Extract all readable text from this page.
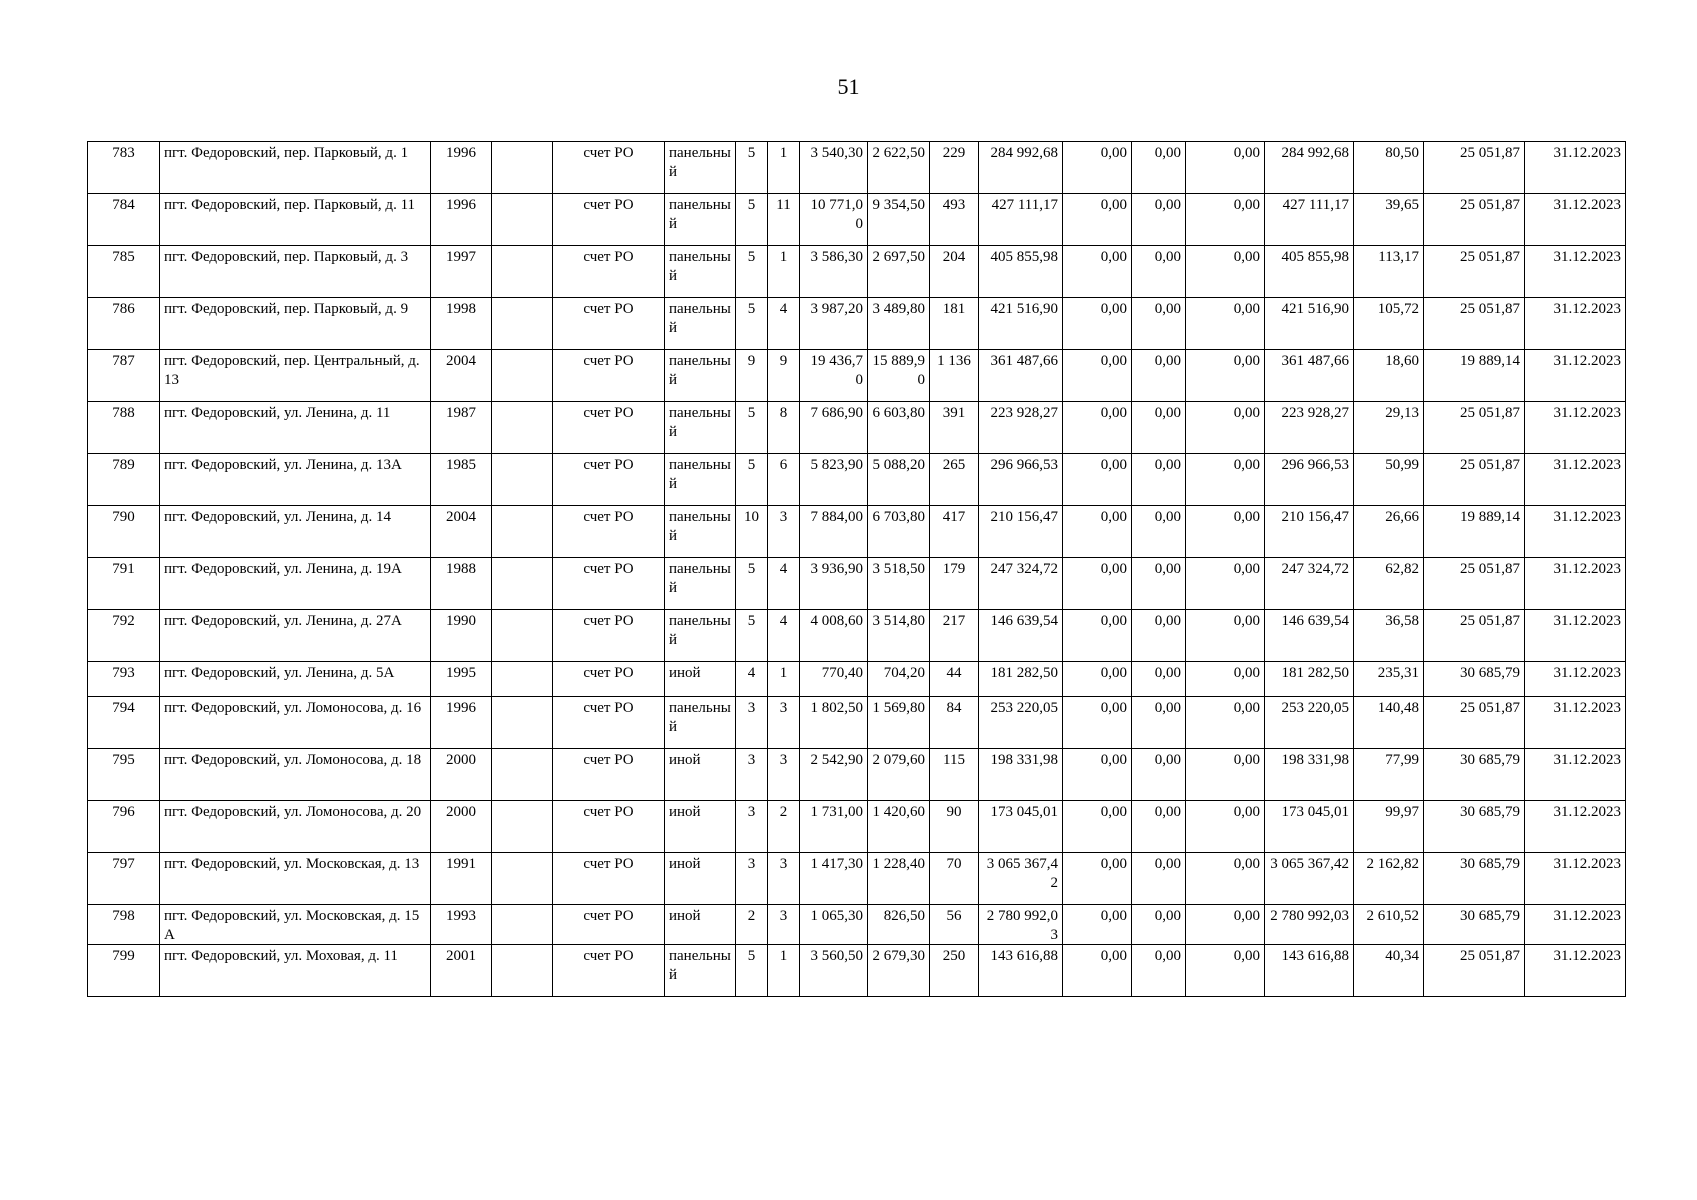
51
783	пгт. Федоровский, пер. Парковый, д. 1	1996		счет РО	панельный	5	1	3 540,30	2 622,50	229	284 992,68	0,00	0,00	0,00	284 992,68	80,50	25 051,87	31.12.2023
784	пгт. Федоровский, пер. Парковый, д. 11	1996		счет РО	панельный	5	11	10 771,00	9 354,50	493	427 111,17	0,00	0,00	0,00	427 111,17	39,65	25 051,87	31.12.2023
785	пгт. Федоровский, пер. Парковый, д. 3	1997		счет РО	панельный	5	1	3 586,30	2 697,50	204	405 855,98	0,00	0,00	0,00	405 855,98	113,17	25 051,87	31.12.2023
786	пгт. Федоровский, пер. Парковый, д. 9	1998		счет РО	панельный	5	4	3 987,20	3 489,80	181	421 516,90	0,00	0,00	0,00	421 516,90	105,72	25 051,87	31.12.2023
787	пгт. Федоровский, пер. Центральный, д. 13	2004		счет РО	панельный	9	9	19 436,70	15 889,90	1 136	361 487,66	0,00	0,00	0,00	361 487,66	18,60	19 889,14	31.12.2023
788	пгт. Федоровский, ул. Ленина, д. 11	1987		счет РО	панельный	5	8	7 686,90	6 603,80	391	223 928,27	0,00	0,00	0,00	223 928,27	29,13	25 051,87	31.12.2023
789	пгт. Федоровский, ул. Ленина, д. 13А	1985		счет РО	панельный	5	6	5 823,90	5 088,20	265	296 966,53	0,00	0,00	0,00	296 966,53	50,99	25 051,87	31.12.2023
790	пгт. Федоровский, ул. Ленина, д. 14	2004		счет РО	панельный	10	3	7 884,00	6 703,80	417	210 156,47	0,00	0,00	0,00	210 156,47	26,66	19 889,14	31.12.2023
791	пгт. Федоровский, ул. Ленина, д. 19А	1988		счет РО	панельный	5	4	3 936,90	3 518,50	179	247 324,72	0,00	0,00	0,00	247 324,72	62,82	25 051,87	31.12.2023
792	пгт. Федоровский, ул. Ленина, д. 27А	1990		счет РО	панельный	5	4	4 008,60	3 514,80	217	146 639,54	0,00	0,00	0,00	146 639,54	36,58	25 051,87	31.12.2023
793	пгт. Федоровский, ул. Ленина, д. 5А	1995		счет РО	иной	4	1	770,40	704,20	44	181 282,50	0,00	0,00	0,00	181 282,50	235,31	30 685,79	31.12.2023
794	пгт. Федоровский, ул. Ломоносова, д. 16	1996		счет РО	панельный	3	3	1 802,50	1 569,80	84	253 220,05	0,00	0,00	0,00	253 220,05	140,48	25 051,87	31.12.2023
795	пгт. Федоровский, ул. Ломоносова, д. 18	2000		счет РО	иной	3	3	2 542,90	2 079,60	115	198 331,98	0,00	0,00	0,00	198 331,98	77,99	30 685,79	31.12.2023
796	пгт. Федоровский, ул. Ломоносова, д. 20	2000		счет РО	иной	3	2	1 731,00	1 420,60	90	173 045,01	0,00	0,00	0,00	173 045,01	99,97	30 685,79	31.12.2023
797	пгт. Федоровский, ул. Московская, д. 13	1991		счет РО	иной	3	3	1 417,30	1 228,40	70	3 065 367,42	0,00	0,00	0,00	3 065 367,42	2 162,82	30 685,79	31.12.2023
798	пгт. Федоровский, ул. Московская, д. 15А	1993		счет РО	иной	2	3	1 065,30	826,50	56	2 780 992,03	0,00	0,00	0,00	2 780 992,03	2 610,52	30 685,79	31.12.2023
799	пгт. Федоровский, ул. Моховая, д. 11	2001		счет РО	панельный	5	1	3 560,50	2 679,30	250	143 616,88	0,00	0,00	0,00	143 616,88	40,34	25 051,87	31.12.2023
